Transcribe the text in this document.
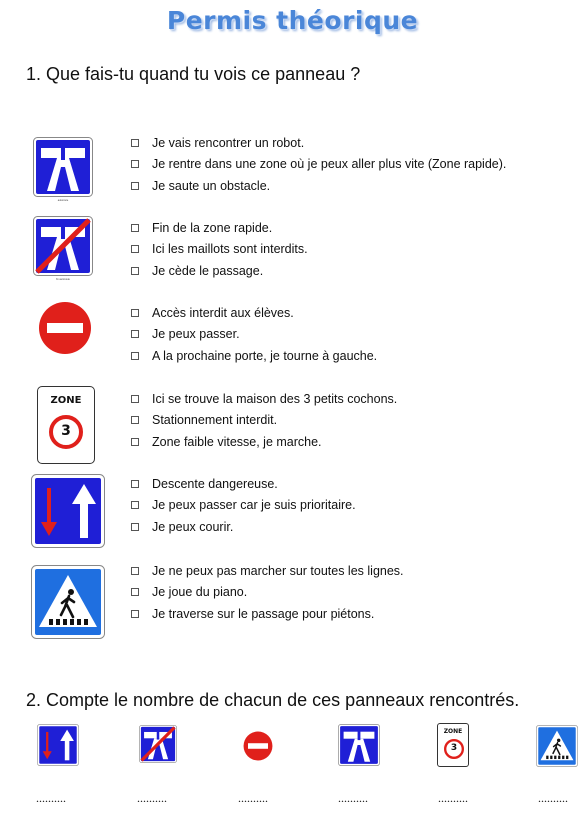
Permis théorique
1. Que fais-tu quand tu vois ce panneau ?
autoroute
Je vais rencontrer un robot.
Je rentre dans une zone où je peux aller plus vite (Zone rapide).
Je saute un obstacle.
fin autoroute
Fin de la zone rapide.
Ici les maillots sont interdits.
Je cède le passage.
Accès interdit aux élèves.
Je peux passer.
A la prochaine porte, je tourne à gauche.
ZONE
3
Ici se trouve la maison des 3 petits cochons.
Stationnement interdit.
Zone faible vitesse, je marche.
Descente dangereuse.
Je peux passer car je suis prioritaire.
Je peux courir.
Je ne peux pas marcher sur toutes les lignes.
Je joue du piano.
Je traverse sur le passage pour piétons.
2. Compte le nombre de chacun de ces panneaux rencontrés.
ZONE
3
..........	..........	..........	..........	..........	..........
